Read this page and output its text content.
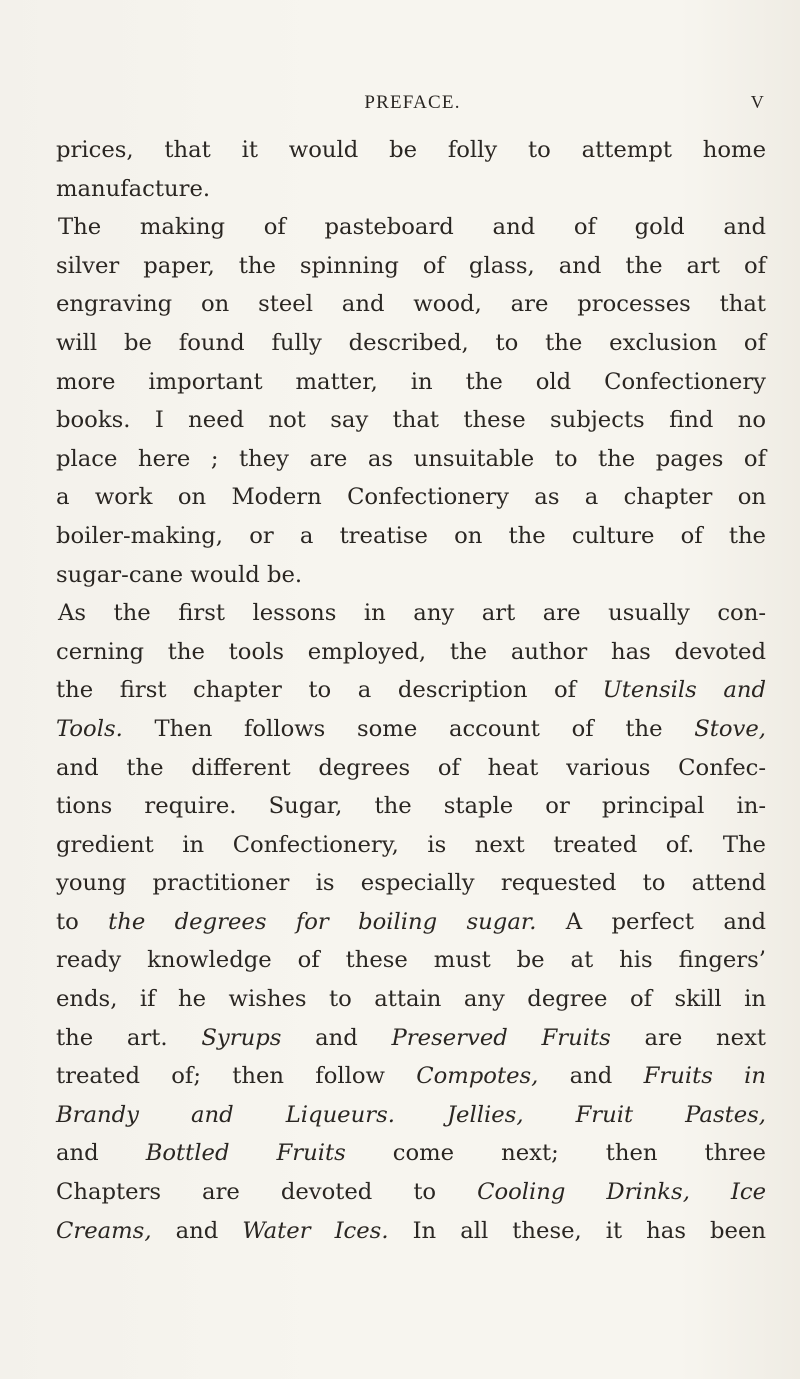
PREFACE.	V
prices, that it would be folly to attempt home
manufacture.
The making of pasteboard and of gold and
silver paper, the spinning of glass, and the art of
engraving on steel and wood, are processes that
will be found fully described, to the exclusion of
more important matter, in the old Confectionery
books. I need not say that these subjects find no
place here ; they are as unsuitable to the pages of
a work on Modern Confectionery as a chapter on
boiler-making, or a treatise on the culture of the
sugar-cane would be.
As the first lessons in any art are usually con-
cerning the tools employed, the author has devoted
the first chapter to a description of Utensils and
Tools. Then follows some account of the Stove,
and the different degrees of heat various Confec-
tions require. Sugar, the staple or principal in-
gredient in Confectionery, is next treated of. The
young practitioner is especially requested to attend
to the degrees for boiling sugar. A perfect and
ready knowledge of these must be at his fingers’
ends, if he wishes to attain any degree of skill in
the art. Syrups and Preserved Fruits are next
treated of; then follow Compotes, and Fruits in
Brandy and Liqueurs. Jellies, Fruit Pastes,
and Bottled Fruits come next; then three
Chapters are devoted to Cooling Drinks, Ice
Creams, and Water Ices. In all these, it has been
